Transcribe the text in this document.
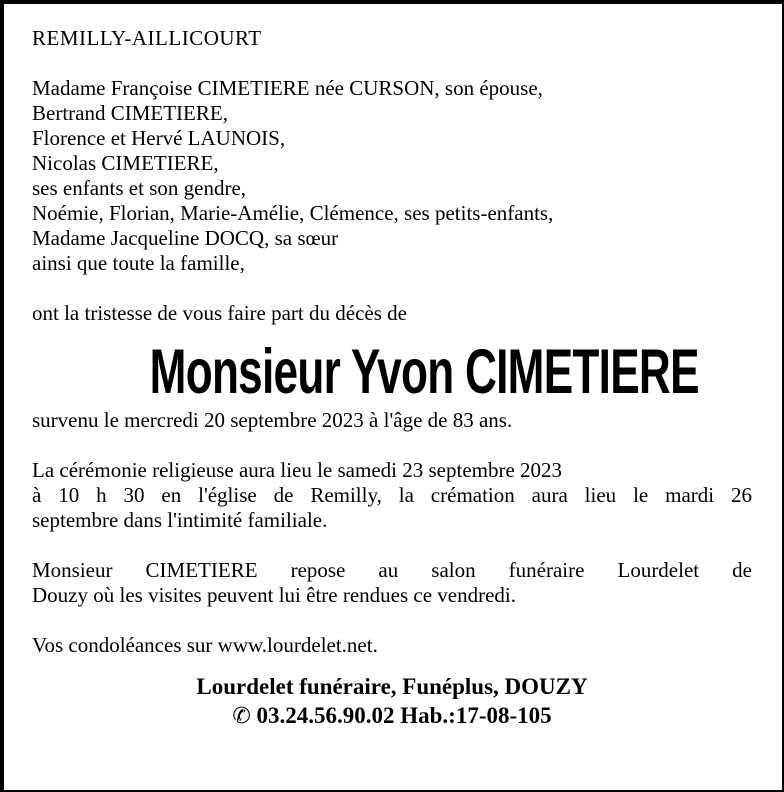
REMILLY-AILLICOURT
Madame Françoise CIMETIERE née CURSON, son épouse,
Bertrand CIMETIERE,
Florence et Hervé LAUNOIS,
Nicolas CIMETIERE,
ses enfants et son gendre,
Noémie, Florian, Marie-Amélie, Clémence, ses petits-enfants,
Madame Jacqueline DOCQ, sa sœur
ainsi que toute la famille,
ont la tristesse de vous faire part du décès de
Monsieur Yvon CIMETIERE
survenu le mercredi 20 septembre 2023 à l'âge de 83 ans.
La cérémonie religieuse aura lieu le samedi 23 septembre 2023
à 10 h 30 en l'église de Remilly, la crémation aura lieu le mardi 26
septembre dans l'intimité familiale.
Monsieur CIMETIERE repose au salon funéraire Lourdelet de
Douzy où les visites peuvent lui être rendues ce vendredi.
Vos condoléances sur www.lourdelet.net.
Lourdelet funéraire, Funéplus, DOUZY
✆ 03.24.56.90.02 Hab.:17-08-105
